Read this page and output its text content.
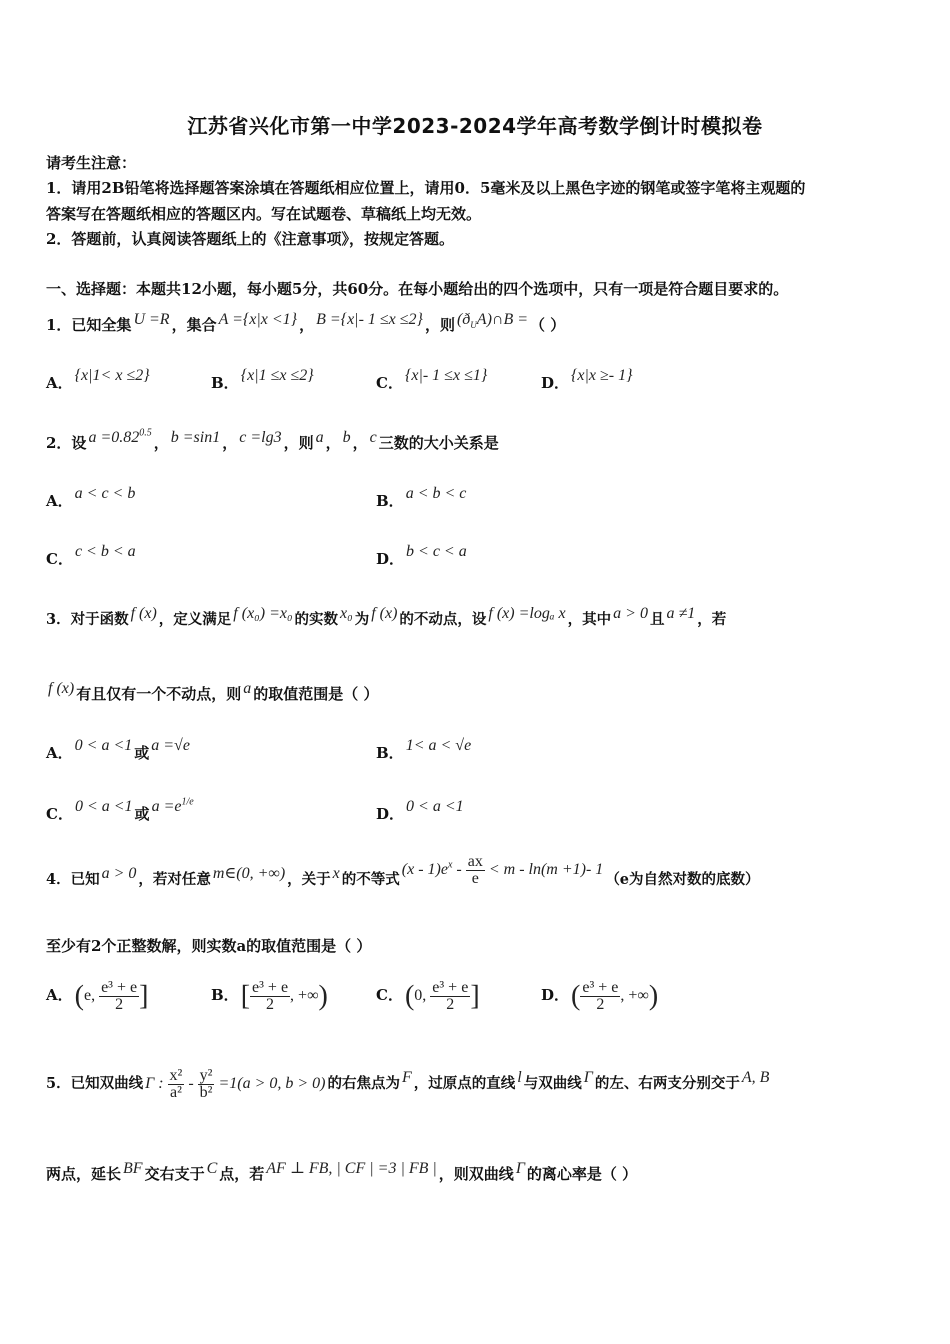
江苏省兴化市第一中学2023-2024学年高考数学倒计时模拟卷
请考生注意：
1．请用2B铅笔将选择题答案涂填在答题纸相应位置上，请用0．5毫米及以上黑色字迹的钢笔或签字笔将主观题的
答案写在答题纸相应的答题区内。写在试题卷、草稿纸上均无效。
2．答题前，认真阅读答题纸上的《注意事项》，按规定答题。
一、选择题：本题共12小题，每小题5分，共60分。在每小题给出的四个选项中，只有一项是符合题目要求的。
1．已知全集 U =R ，集合 A ={x|x <1} ， B ={x|- 1 ≤x ≤2} ，则 $(ð_UA)\cap B$ = （ ）
A． {x|1< x ≤2}	B． {x|1 ≤x ≤2}	C． {x|- 1 ≤x ≤1}	D． {x|x ≥- 1}
2．设 $a =0.82^{0.5}$， b =sin1 ， c =lg3 ，则 a ， b ， c 三数的大小关系是
A． a < c < b	B． a < b < c
C． c < b < a	D． b < c < a
3．对于函数 f (x) ，定义满足 f (x₀) =x₀ 的实数 x₀ 为 f (x) 的不动点，设 f (x) =logₐ x ，其中 a > 0 且 a ≠1 ，若
f (x) 有且仅有一个不动点，则 a 的取值范围是（ ）
A． 0 < a <1 或 a =√e	B． 1< a < √e
C． 0 < a <1 或 $a =e^{1/e}$
D． 0 < a <1
4．已知 a > 0 ，若对任意 m∈(0, +∞) ，关于 x 的不等式$(x - 1)e^x - \frac{ax}{e} < m - \ln(m +1)-$ 1（e为自然对数的底数）
至少有2个正整数解，则实数a的取值范围是（ ）
A．(e, $\frac{\text{e³ + e}}{2}$ ]	B．[ $\frac{\text{e³ + e}}{2}$ , +∞)	C．(0, $\frac{\text{e³ + e}}{2}$ ]	D．( $\frac{\text{e³ + e}}{2}$ , +∞)
5．已知双曲线 Γ : $\frac{\text{x²}}{\text{a²}} - \frac{\text{y²}}{\text{b²}} =1(a > 0$, b > 0) 的右焦点为 F ，过原点的直线 l 与双曲线 Γ 的左、右两支分别交于 A, B
两点，延长 BF 交右支于 C 点，若 AF ⊥ FB, | CF | =3 | FB | ，则双曲线 Γ 的离心率是（ ）
